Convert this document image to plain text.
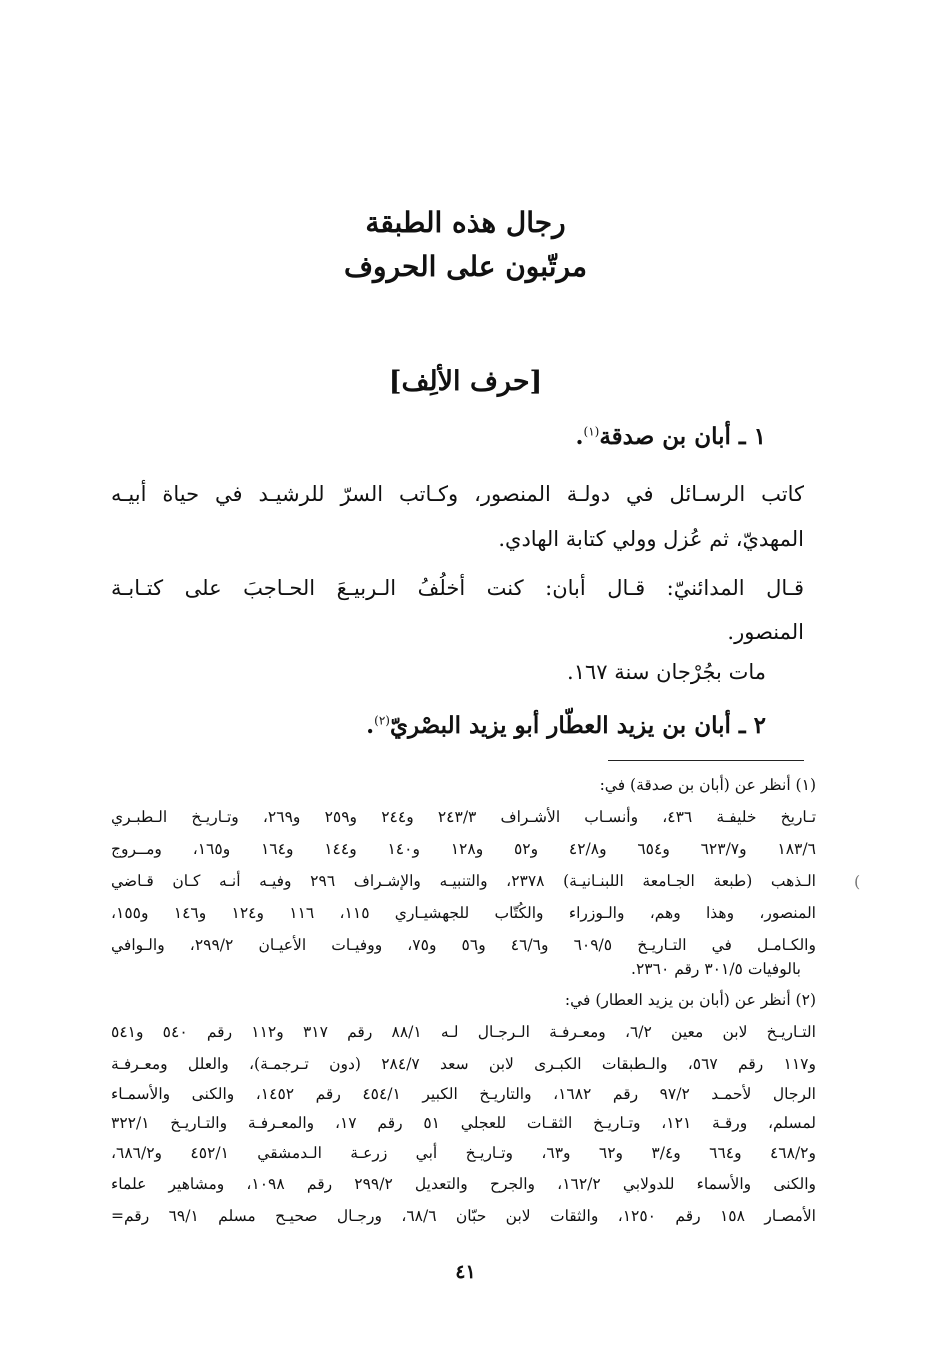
رجال هذه الطبقة
مرتّبون على الحروف
[حرف الألِف]
١ ـ أبان بن صدقة$^{(١)}$.
كاتب الرسـائل في دولـة المنصور، وكـاتب السرّ للرشيـد في حياة أبيـه
المهديّ، ثم عُزل وولي كتابة الهادي.
قـال المدائنيّ: قـال أبان: كنت أخلُفُ الـربيـعَ الحـاجبَ على كتـابـة
المنصور.
مات بجُرْجان سنة ١٦٧.
٢ ـ أبان بن يزيد العطّار أبو يزيد البصْريّ$^{(٢)}$.
(١) أنظر عن (أبان بن صدقة) في:
تـاريخ خليفـة ٤٣٦، وأنسـاب الأشـراف ٢٤٣/٣ و٢٤٤ و٢٥٩ و٢٦٩، وتـاريـخ الـطبـري
١٨٣/٦ و٦٢٣/٧ و٦٥٤ و٤٢/٨ و٥٢ و١٢٨ و١٤٠ و١٤٤ و١٦٤ و١٦٥، ومــروج
الـذهب (طبعة الجـامعة اللبنـانيـة) ٢٣٧٨، والتنبيـه والإشـراف ٢٩٦ وفيـه أنـه كـان قـاضي
المنصور، وهذا وهم، والـوزراء والكُتّاب للجهشيـاري ١١٥، ١١٦ و١٢٤ و١٤٦ و١٥٥،
والكـامـل في التـاريـخ ٦٠٩/٥ و٤٦/٦ و٥٦ و٧٥، ووفيـات الأعيـان ٢٩٩/٢، والـوافي
بالوفيات ٣٠١/٥ رقم ٢٣٦٠.
(٢) أنظر عن (أبان بن يزيد العطار) في:
التـاريـخ لابن معين ٦/٢، ومعـرفـة الـرجـال لـه ٨٨/١ رقم ٣١٧ و١١٢ رقم ٥٤٠ و٥٤١
و١١٧ رقم ٥٦٧، والـطبقات الكبـرى لابن سعد ٢٨٤/٧ (دون تـرجمـة)، والعلل ومعـرفـة
الرجال لأحمـد ٩٧/٢ رقم ١٦٨٢، والتاريـخ الكبير ٤٥٤/١ رقم ١٤٥٢، والكنى والأسمـاء
لمسلم، ورقـة ١٢١، وتـاريـخ الثقـات للعجلي ٥١ رقم ١٧، والمعـرفـة والتـاريـخ ٣٢٢/١
و٤٦٨/٢ و٦٦٤ و٣/٤ و٦٢ و٦٣، وتـاريـخ أبي زرعـة الـدمشقي ٤٥٢/١ و٦٨٦/٢،
والكنى والأسماء للدولابي ١٦٢/٢، والجرح والتعديل ٢٩٩/٢ رقم ١٠٩٨، ومشاهير علماء
الأمصـار ١٥٨ رقم ١٢٥٠، والثقات لابن حبّان ٦٨/٦، ورجـال صحيـح مسلم ٦٩/١ رقم=
)
٤١
